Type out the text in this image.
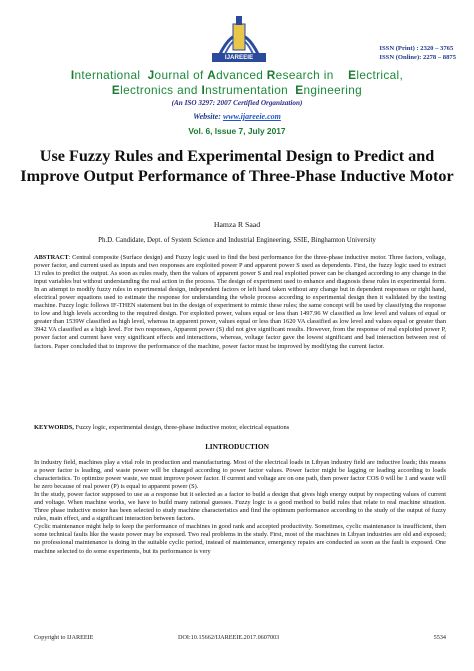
IJAREEIE
ISSN (Print) : 2320 – 3765
ISSN (Online): 2278 – 8875
International  Journal of Advanced Research in    Electrical,
Electronics and Instrumentation  Engineering
(An ISO 3297: 2007 Certified Organization)
Website: www.ijareeie.com
Vol. 6, Issue 7, July 2017
Use Fuzzy Rules and Experimental Design to Predict and Improve Output Performance of Three-Phase Inductive Motor
Hamza R Saad
Ph.D. Candidate, Dept. of System Science and Industrial Engineering, SSIE, Binghamton University
ABSTRACT: Central composite (Surface design) and Fuzzy logic used to find the best performance for the three-phase inductive motor. Three factors, voltage, power factor, and current used as inputs and two responses are exploited power P and apparent power S used as dependents. First, the fuzzy logic used to extract 13 rules to predict the output. As soon as rules ready, then the values of apparent power S and real exploited power can be changed according to any change in the input variables but without understanding the real action in the process. The design of experiment used to enhance and diagnosis these rules in experimental form. In an attempt to modify fuzzy rules in experimental design, independent factors or left hand taken without any change but in dependent responses or right hand, electrical power equations used to estimate the response for understanding the whole process according to experimental design then it validated by the testing machine. Fuzzy logic follows IF-THEN statement but in the design of experiment to mimic these rules; the same concept will be used by classifying the response to low and high levels according to the required design. For exploited power, values equal or less than 1497.96 W classified as low level and values of equal or greater than 1539W classified as high level, whereas in apparent power, values equal or less than 1620 VA classified as low level and values equal or greater than 3942 VA classified as a high level. For two responses, Apparent power (S) did not give significant results. However, from the response of real exploited power P, power factor and current have very significant effects and interactions, whereas, voltage factor gave the lowest significant and bad interaction between rest of factors. Paper concluded that to improve the performance of the machine, power factor must be improved by modifying the current factor.
KEYWORDS, Fuzzy logic, experimental design, three-phase inductive motor, electrical equations
I.INTRODUCTION

In industry field, machines play a vital role in production and manufacturing. Most of the electrical loads in Libyan industry field are inductive loads; this means a power factor is leading, and waste power will be changed according to power factor values. Power factor might be lagging or leading according to loads characteristics. To optimize power waste, we must improve power factor. If current and voltage are on one path, then power factor COS 0 will be 1 and waste will be zero because of real power (P) is equal to apparent power (S).

In the study, power factor supposed to use as a response but it selected as a factor to build a design that gives high energy output by respecting values of current and voltage. When machine works, we have to build many rational guesses. Fuzzy logic is a good method to build rules that relate to real machine situation. Three phase inductive motor has been selected to study machine characteristics and find the optimum performance according to the study of the output of fuzzy rules, main effect, and a significant interaction between factors.

Cyclic maintenance might help to keep the performance of machines in good rank and accepted productivity. Sometimes, cyclic maintenance is insufficient, then some technical faults like the waste power may be exposed. Two real problems in the study. First, most of the machines in Libyan industries are old and exposed; no professional maintenance is doing in the suitable cyclic period, instead of maintenance, emergency repairs are conducted as soon as the fault is exposed. One machine selected to do some experiments, but its performance is very

Copyright to IJAREEIE	DOI:10.15662/IJAREEIE.2017.0607003	5534
